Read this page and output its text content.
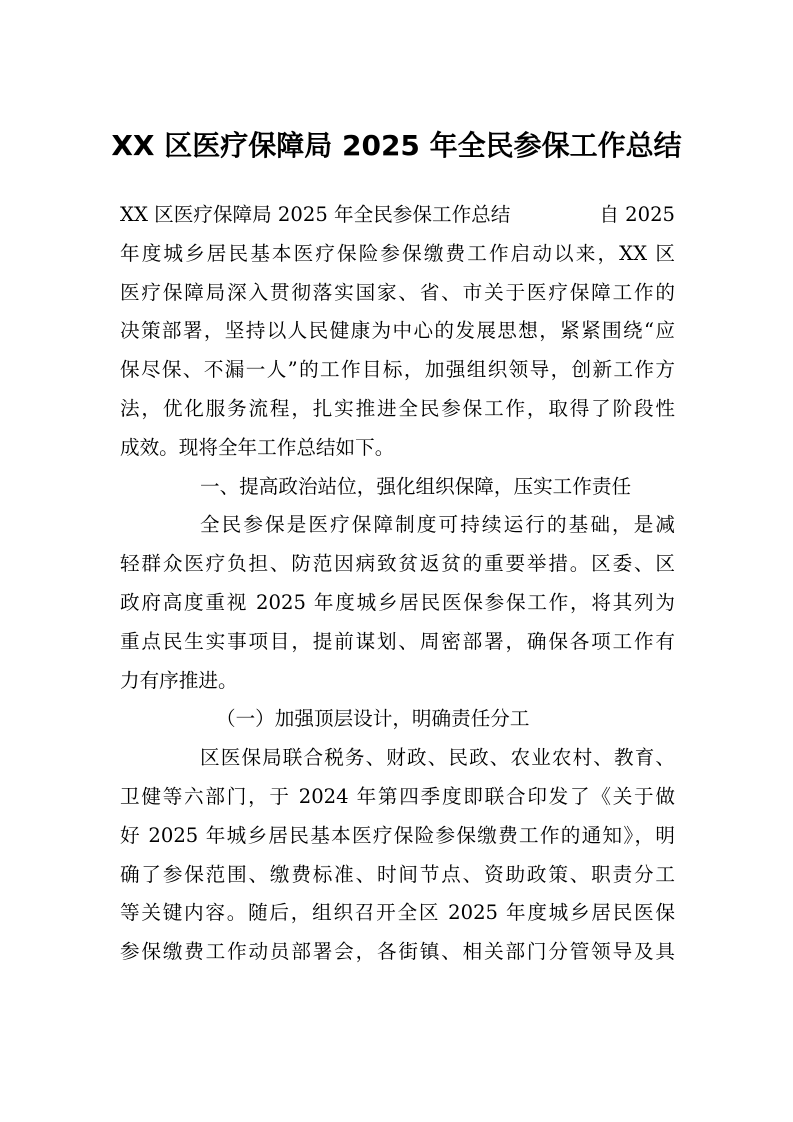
XX 区医疗保障局 2025 年全民参保工作总结
XX 区医疗保障局 2025 年全民参保工作总结	自 2025
年度城乡居民基本医疗保险参保缴费工作启动以来，XX 区
医疗保障局深入贯彻落实国家、省、市关于医疗保障工作的
决策部署，坚持以人民健康为中心的发展思想，紧紧围绕“应
保尽保、不漏一人”的工作目标，加强组织领导，创新工作方
法，优化服务流程，扎实推进全民参保工作，取得了阶段性
成效。现将全年工作总结如下。
一、提高政治站位，强化组织保障，压实工作责任
全民参保是医疗保障制度可持续运行的基础，是减
轻群众医疗负担、防范因病致贫返贫的重要举措。区委、区
政府高度重视 2025 年度城乡居民医保参保工作，将其列为
重点民生实事项目，提前谋划、周密部署，确保各项工作有
力有序推进。
（一）加强顶层设计，明确责任分工
区医保局联合税务、财政、民政、农业农村、教育、
卫健等六部门，于 2024 年第四季度即联合印发了《关于做
好 2025 年城乡居民基本医疗保险参保缴费工作的通知》，明
确了参保范围、缴费标准、时间节点、资助政策、职责分工
等关键内容。随后，组织召开全区 2025 年度城乡居民医保
参保缴费工作动员部署会，各街镇、相关部门分管领导及具
